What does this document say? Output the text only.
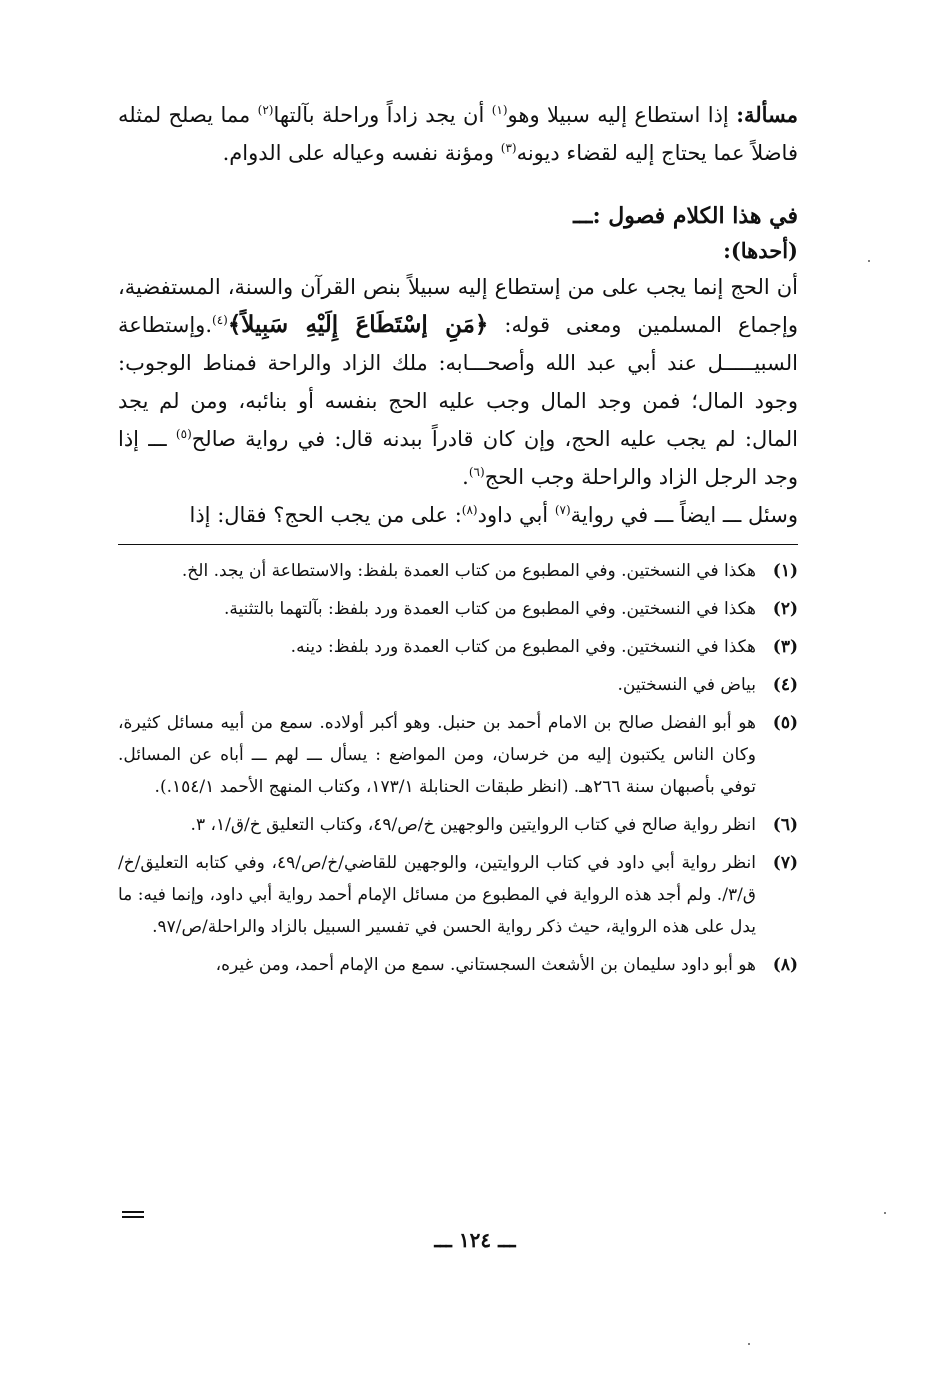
مسألة: إذا استطاع إليه سبيلا وهو$^{(١)}$ أن يجد زاداً وراحلة بآلتها$^{(٢)}$ مما يصلح لمثله فاضلاً عما يحتاج إليه لقضاء ديونه$^{(٣)}$ ومؤنة نفسه وعياله على الدوام.

في هذا الكلام فصول :ـــ
(أحدها):

أن الحج إنما يجب على من إستطاع إليه سبيلاً بنص القرآن والسنة، المستفضية، وإجماع المسلمين ومعنى قوله: ﴿مَنِ إسْتَطَاعَ إِلَيْهِ سَبِيلاً﴾$^{(٤)}$.وإستطاعة السبيـــــل عند أبي عبد الله وأصحـــابه: ملك الزاد والراحة فمناط الوجوب: وجود المال؛ فمن وجد المال وجب عليه الحج بنفسه أو بنائبه، ومن لم يجد المال: لم يجب عليه الحج، وإن كان قادراً ببدنه قال: في رواية صالح$^{(٥)}$ ـــ إذا وجد الرجل الزاد والراحلة وجب الحج$^{(٦)}$.

وسئل ـــ ايضاً ـــ في رواية$^{(٧)}$ أبي داود$^{(٨)}$: على من يجب الحج؟ فقال: إذا

(١)
هكذا في النسختين. وفي المطبوع من كتاب العمدة بلفظ: والاستطاعة أن يجد. الخ.
(٢)
هكذا في النسختين. وفي المطبوع من كتاب العمدة ورد بلفظ: بآلتهما بالتثنية.
(٣)
هكذا في النسختين. وفي المطبوع من كتاب العمدة ورد بلفظ: دينه.
(٤)
بياض في النسختين.
(٥)
هو أبو الفضل صالح بن الامام أحمد بن حنبل. وهو أكبر أولاده. سمع من أبيه مسائل كثيرة، وكان الناس يكتبون إليه من خرسان، ومن المواضع : يسأل ـــ لهم ـــ أباه عن المسائل. توفي بأصبهان سنة ٢٦٦هـ. (انظر طبقات الحنابلة ١٧٣/١، وكتاب المنهج الأحمد ١٥٤/١.).
(٦)
انظر رواية صالح في كتاب الروايتين والوجهين خ/ص/٤٩، وكتاب التعليق خ/ق/١، ٣.
(٧)
انظر رواية أبي داود في كتاب الروايتين، والوجهين للقاضي/خ/ص/٤٩، وفي كتابه التعليق/خ/ق/٣/. ولم أجد هذه الرواية في المطبوع من مسائل الإمام أحمد رواية أبي داود، وإنما فيه: ما يدل على هذه الرواية، حيث ذكر رواية الحسن في تفسير السبيل بالزاد والراحلة/ص/٩٧.
(٨)
هو أبو داود سليمان بن الأشعث السجستاني. سمع من الإمام أحمد، ومن غيره،
ـــ ١٢٤ ـــ
